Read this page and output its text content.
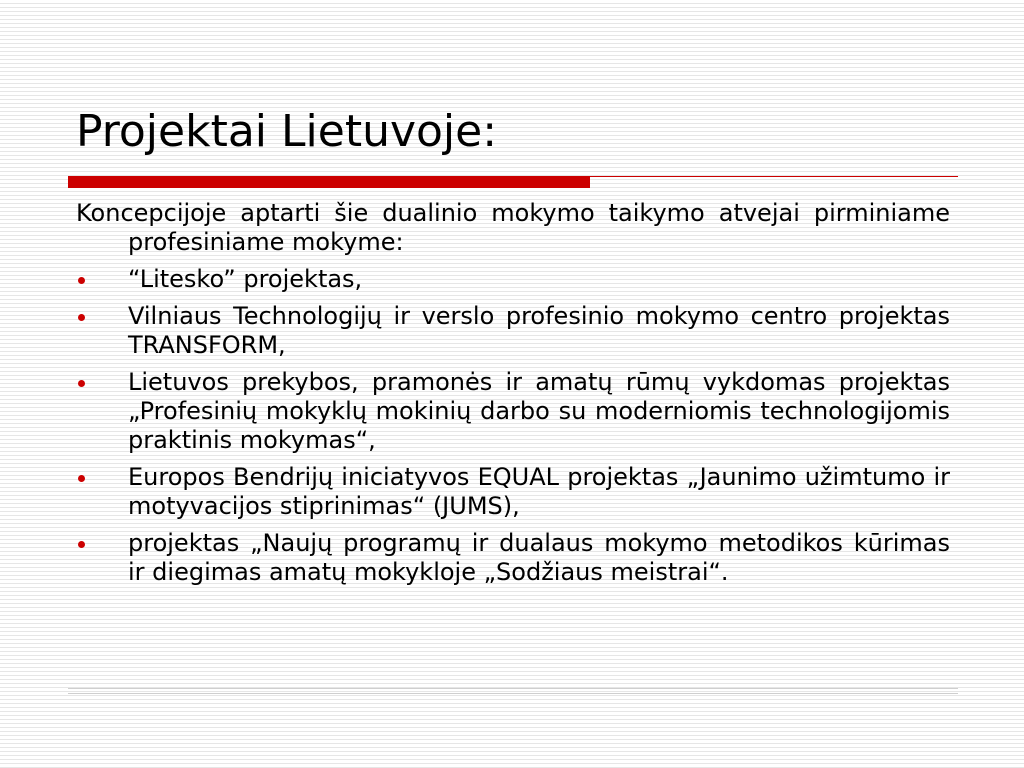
Projektai Lietuvoje:

Koncepcijoje aptarti šie dualinio mokymo taikymo atvejai pirminiame profesiniame mokyme:

“Litesko” projektas,
Vilniaus Technologijų ir verslo profesinio mokymo centro projektas TRANSFORM,
Lietuvos prekybos, pramonės ir amatų rūmų vykdomas projektas „Profesinių mokyklų mokinių darbo su moderniomis technologijomis praktinis mokymas“,
Europos Bendrijų iniciatyvos EQUAL projektas „Jaunimo užimtumo ir motyvacijos stiprinimas“ (JUMS),
projektas „Naujų programų ir dualaus mokymo metodikos kūrimas ir diegimas amatų mokykloje „Sodžiaus meistrai“.
